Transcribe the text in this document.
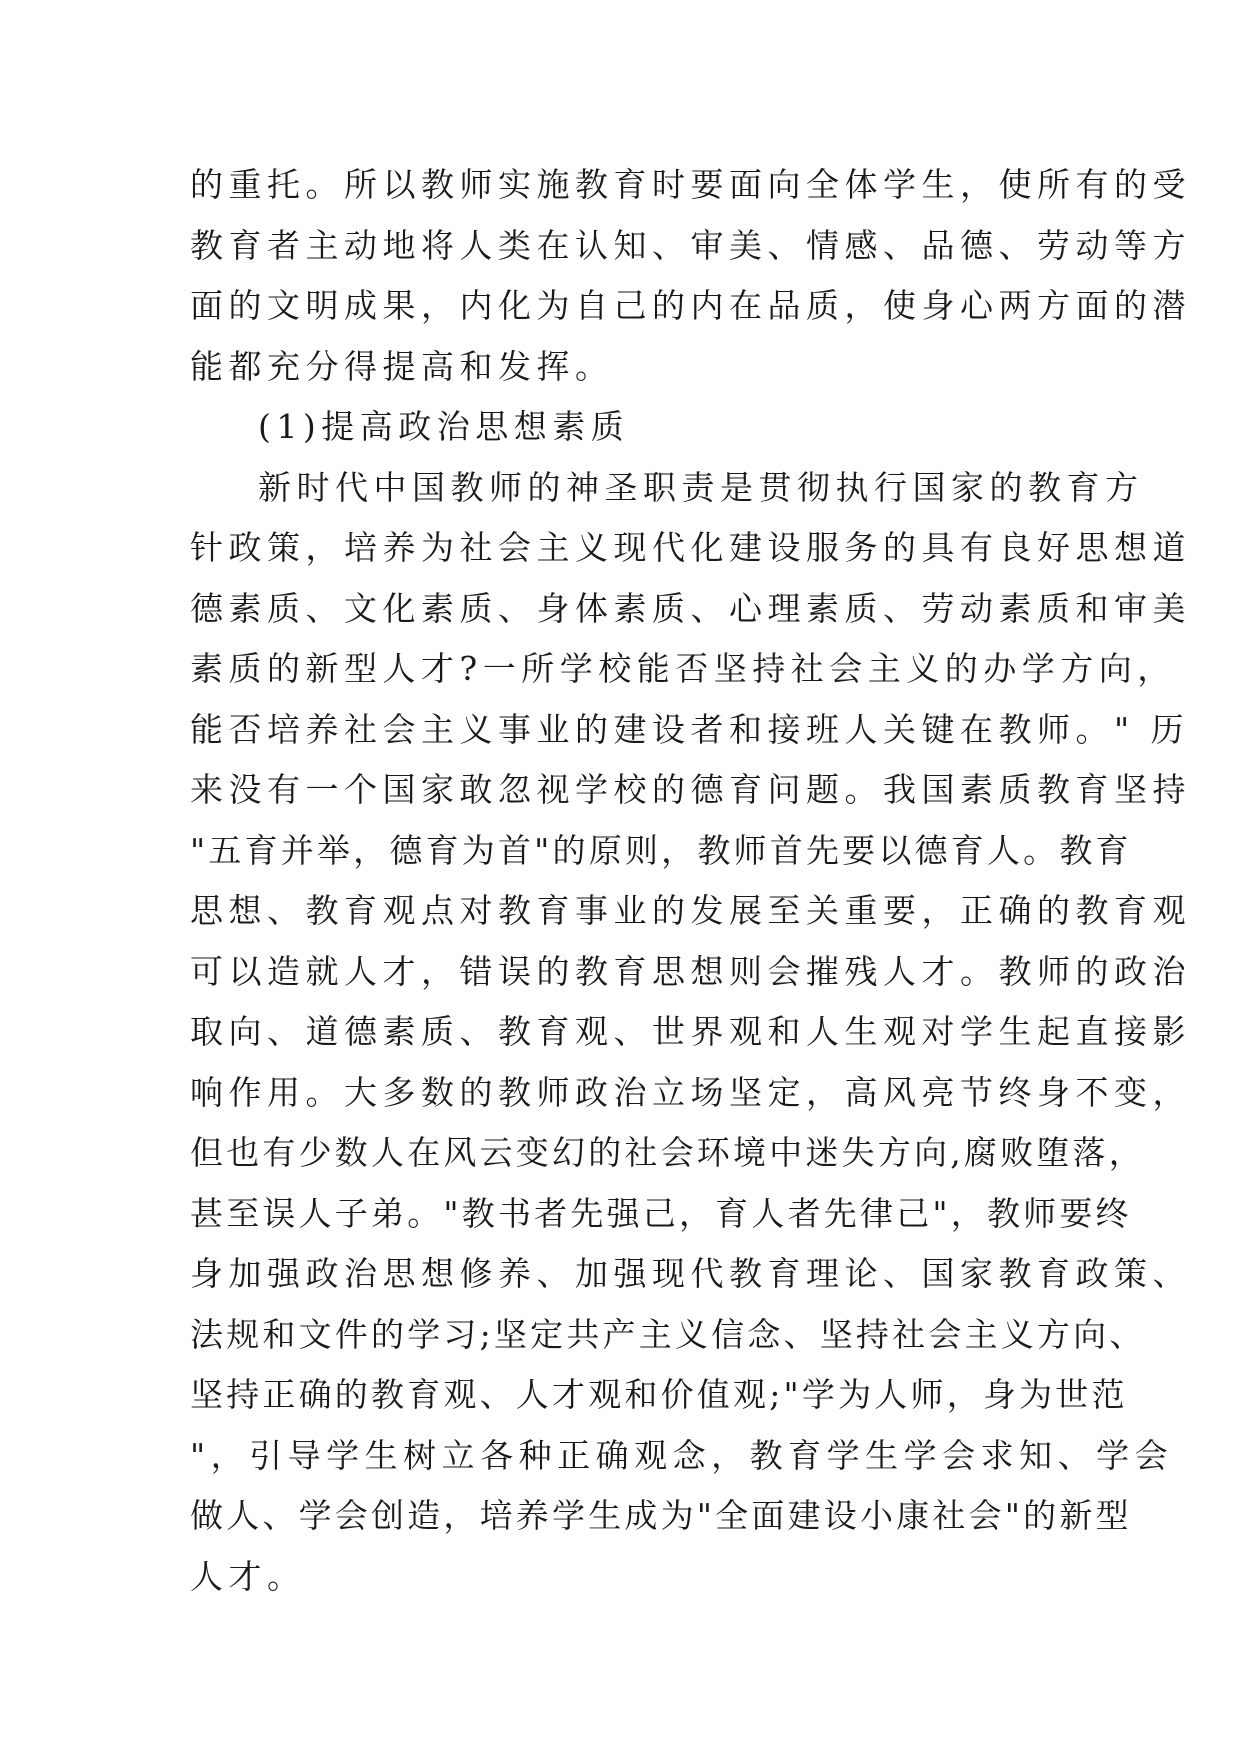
的重托。所以教师实施教育时要面向全体学生，使所有的受
教育者主动地将人类在认知、审美、情感、品德、劳动等方
面的文明成果，内化为自己的内在品质，使身心两方面的潜
能都充分得提高和发挥。
(1)提高政治思想素质
新时代中国教师的神圣职责是贯彻执行国家的教育方
针政策，培养为社会主义现代化建设服务的具有良好思想道
德素质、文化素质、身体素质、心理素质、劳动素质和审美
素质的新型人才?一所学校能否坚持社会主义的办学方向，
能否培养社会主义事业的建设者和接班人关键在教师。" 历
来没有一个国家敢忽视学校的德育问题。我国素质教育坚持
"五育并举，德育为首"的原则，教师首先要以德育人。教育
思想、教育观点对教育事业的发展至关重要，正确的教育观
可以造就人才，错误的教育思想则会摧残人才。教师的政治
取向、道德素质、教育观、世界观和人生观对学生起直接影
响作用。大多数的教师政治立场坚定，高风亮节终身不变，
但也有少数人在风云变幻的社会环境中迷失方向,腐败堕落，
甚至误人子弟。"教书者先强己，育人者先律己"，教师要终
身加强政治思想修养、加强现代教育理论、国家教育政策、
法规和文件的学习;坚定共产主义信念、坚持社会主义方向、
坚持正确的教育观、人才观和价值观;"学为人师，身为世范
"，引导学生树立各种正确观念，教育学生学会求知、学会
做人、学会创造，培养学生成为"全面建设小康社会"的新型
人才。
